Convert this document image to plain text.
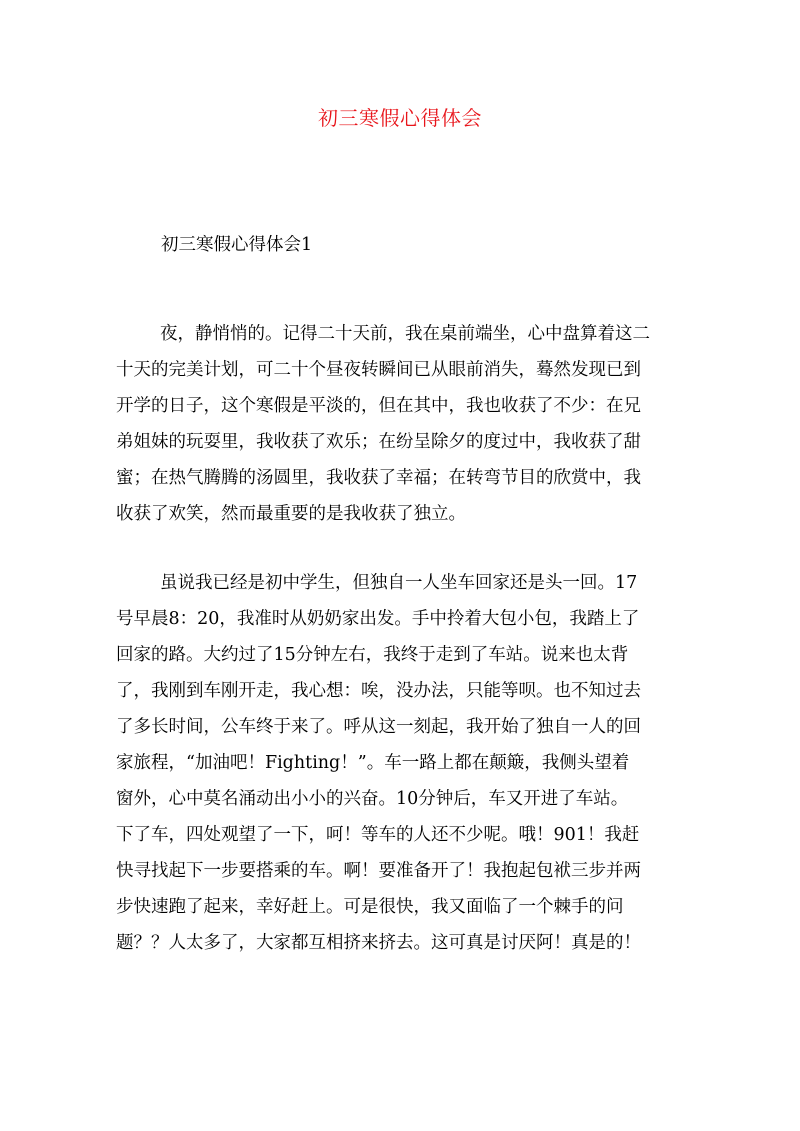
初三寒假心得体会
初三寒假心得体会1
夜，静悄悄的。记得二十天前，我在桌前端坐，心中盘算着这二
十天的完美计划，可二十个昼夜转瞬间已从眼前消失，蓦然发现已到
开学的日子，这个寒假是平淡的，但在其中，我也收获了不少：在兄
弟姐妹的玩耍里，我收获了欢乐；在纷呈除夕的度过中，我收获了甜
蜜；在热气腾腾的汤圆里，我收获了幸福；在转弯节目的欣赏中，我
收获了欢笑，然而最重要的是我收获了独立。
虽说我已经是初中学生，但独自一人坐车回家还是头一回。17
号早晨8：20，我准时从奶奶家出发。手中拎着大包小包，我踏上了
回家的路。大约过了15分钟左右，我终于走到了车站。说来也太背
了，我刚到车刚开走，我心想：唉，没办法，只能等呗。也不知过去
了多长时间，公车终于来了。呼从这一刻起，我开始了独自一人的回
家旅程，“加油吧！Fighting！”。车一路上都在颠簸，我侧头望着
窗外，心中莫名涌动出小小的兴奋。10分钟后，车又开进了车站。
下了车，四处观望了一下，呵！等车的人还不少呢。哦！901！我赶
快寻找起下一步要搭乘的车。啊！要准备开了！我抱起包袱三步并两
步快速跑了起来，幸好赶上。可是很快，我又面临了一个棘手的问
题？？人太多了，大家都互相挤来挤去。这可真是讨厌阿！真是的！
